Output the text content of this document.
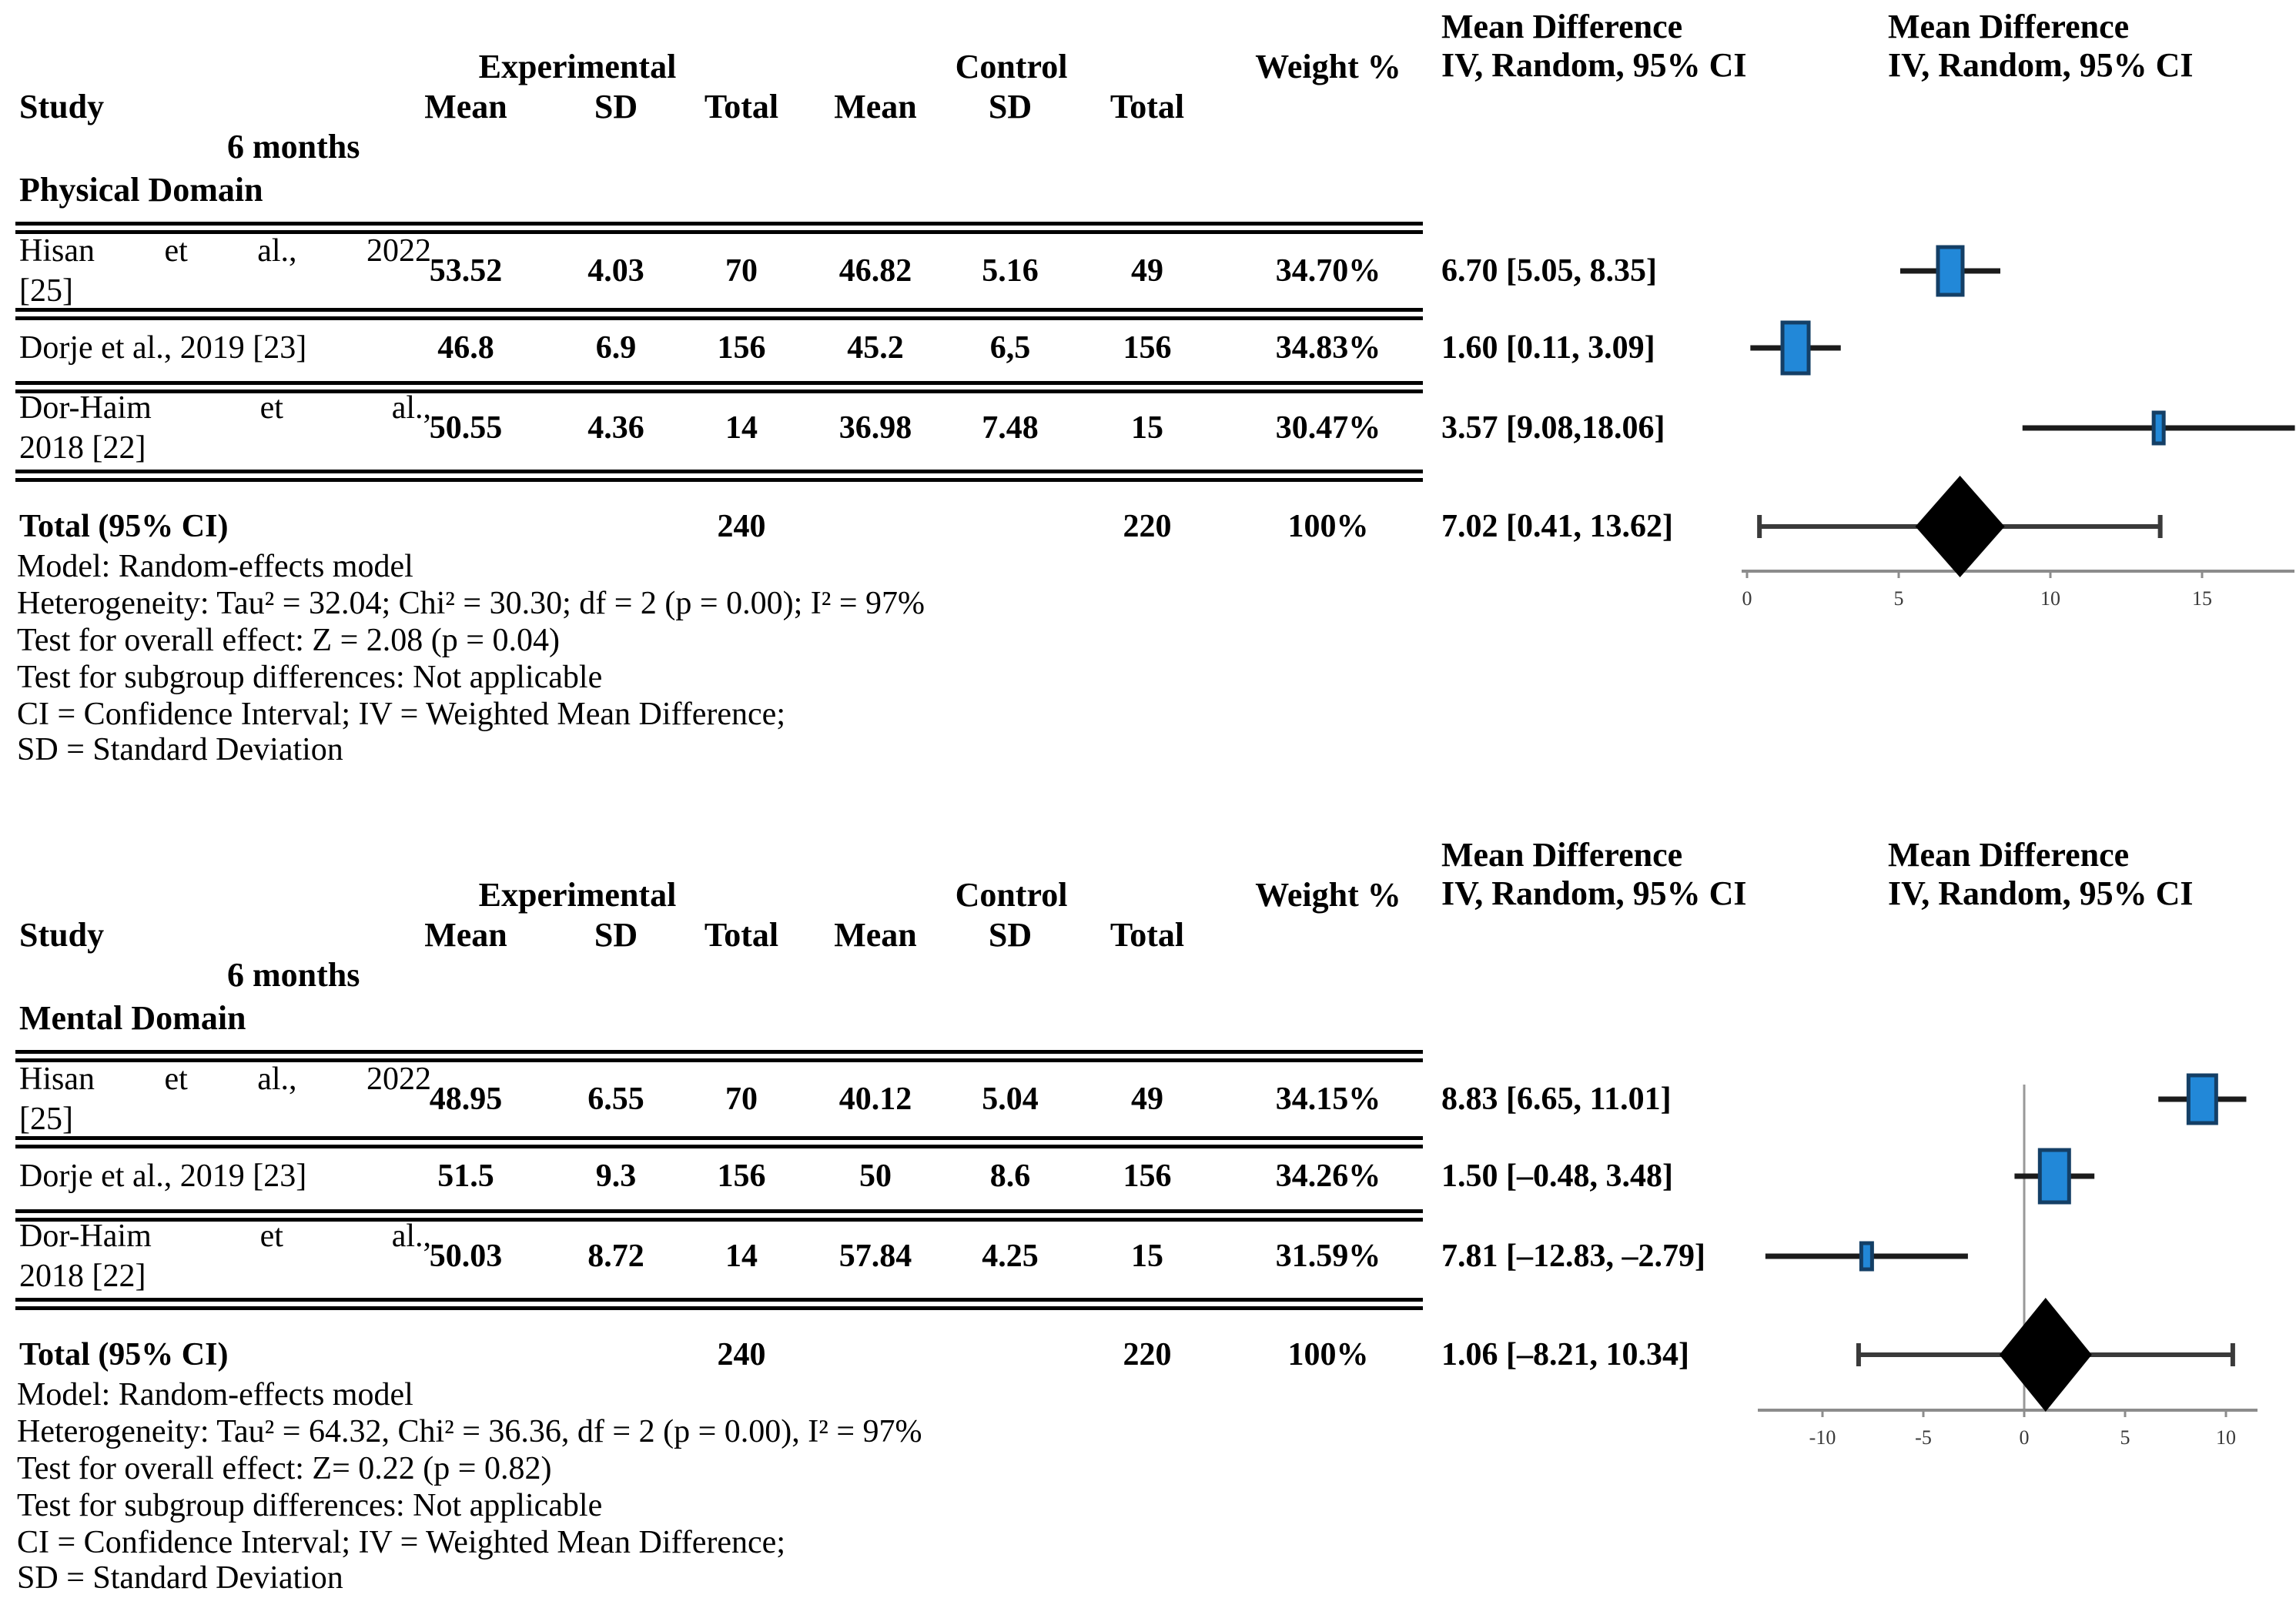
Mean Difference
IV, Random, 95% CI
Mean Difference
IV, Random, 95% CI
Experimental	Control	Weight %
Study	Mean	SD	Total	Mean	SD	Total
6 months
Physical Domain
Hisan et al., 2022
[25]
53.52	4.03	70	46.82	5.16	49	34.70%	6.70 [5.05, 8.35]
Dorje et al., 2019 [23]	46.8	6.9	156	45.2	6,5	156	34.83%	1.60 [0.11, 3.09]
Dor-Haim	et	al.,
2018 [22]
50.55	4.36	14	36.98	7.48	15	30.47%	3.57 [9.08,18.06]
Total (95% CI)	240	220	100%	7.02 [0.41, 13.62]
Model: Random-effects model
Heterogeneity: Tau² = 32.04; Chi² = 30.30; df = 2 (p = 0.00); I² = 97%
Test for overall effect: Z = 2.08 (p = 0.04)
Test for subgroup differences: Not applicable
CI = Confidence Interval; IV = Weighted Mean Difference;
SD = Standard Deviation
0	5	10	15
Mean Difference
IV, Random, 95% CI
Mean Difference
IV, Random, 95% CI
Experimental	Control	Weight %
Study	Mean	SD	Total	Mean	SD	Total
6 months
Mental Domain
Hisan et al., 2022
[25]
48.95	6.55	70	40.12	5.04	49	34.15%	8.83 [6.65, 11.01]
Dorje et al., 2019 [23]	51.5	9.3	156	50	8.6	156	34.26%	1.50 [–0.48, 3.48]
Dor-Haim	et	al.,
2018 [22]
50.03	8.72	14	57.84	4.25	15	31.59%	7.81 [–12.83, –2.79]
Total (95% CI)	240	220	100%	1.06 [–8.21, 10.34]
Model: Random-effects model
Heterogeneity: Tau² = 64.32, Chi² = 36.36, df = 2 (p = 0.00), I² = 97%
Test for overall effect: Z= 0.22 (p = 0.82)
Test for subgroup differences: Not applicable
CI = Confidence Interval; IV = Weighted Mean Difference;
SD = Standard Deviation
-10	-5	0	5	10
